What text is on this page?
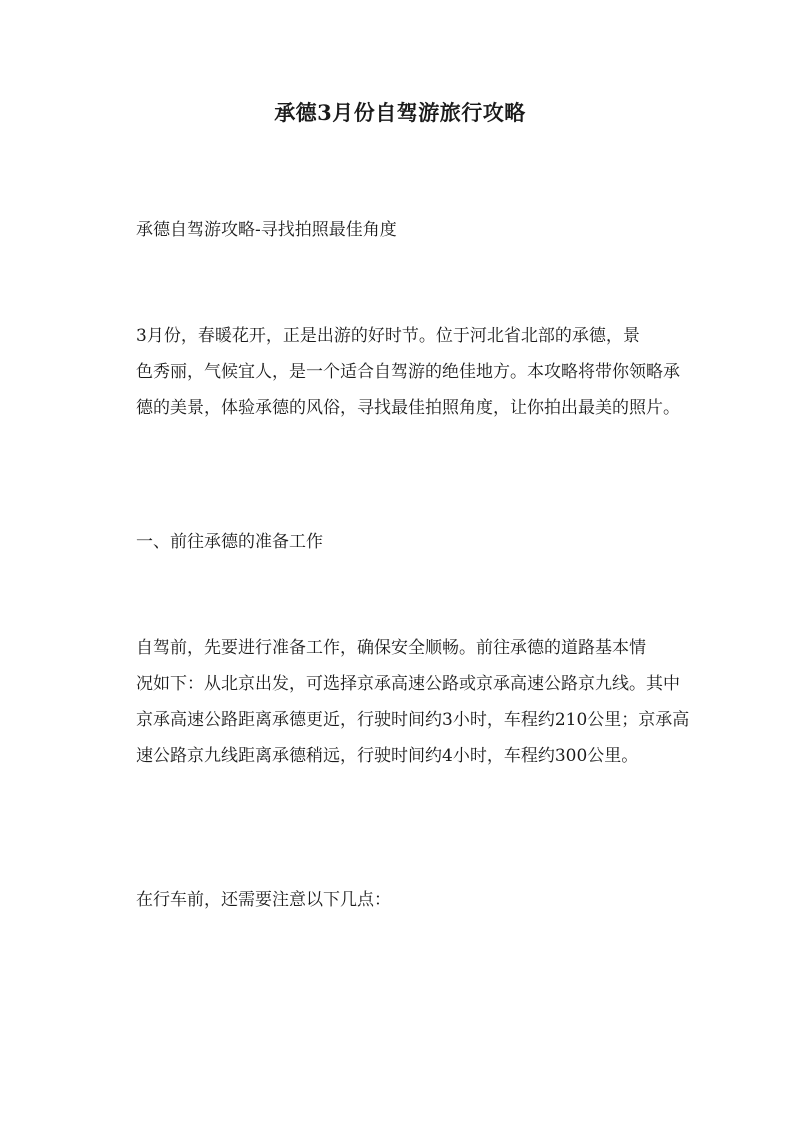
承德3月份自驾游旅行攻略
承德自驾游攻略-寻找拍照最佳角度
3月份，春暖花开，正是出游的好时节。位于河北省北部的承德，景
色秀丽，气候宜人，是一个适合自驾游的绝佳地方。本攻略将带你领略承
德的美景，体验承德的风俗，寻找最佳拍照角度，让你拍出最美的照片。
一、前往承德的准备工作
自驾前，先要进行准备工作，确保安全顺畅。前往承德的道路基本情
况如下：从北京出发，可选择京承高速公路或京承高速公路京九线。其中
京承高速公路距离承德更近，行驶时间约3小时，车程约210公里；京承高
速公路京九线距离承德稍远，行驶时间约4小时，车程约300公里。
在行车前，还需要注意以下几点：
